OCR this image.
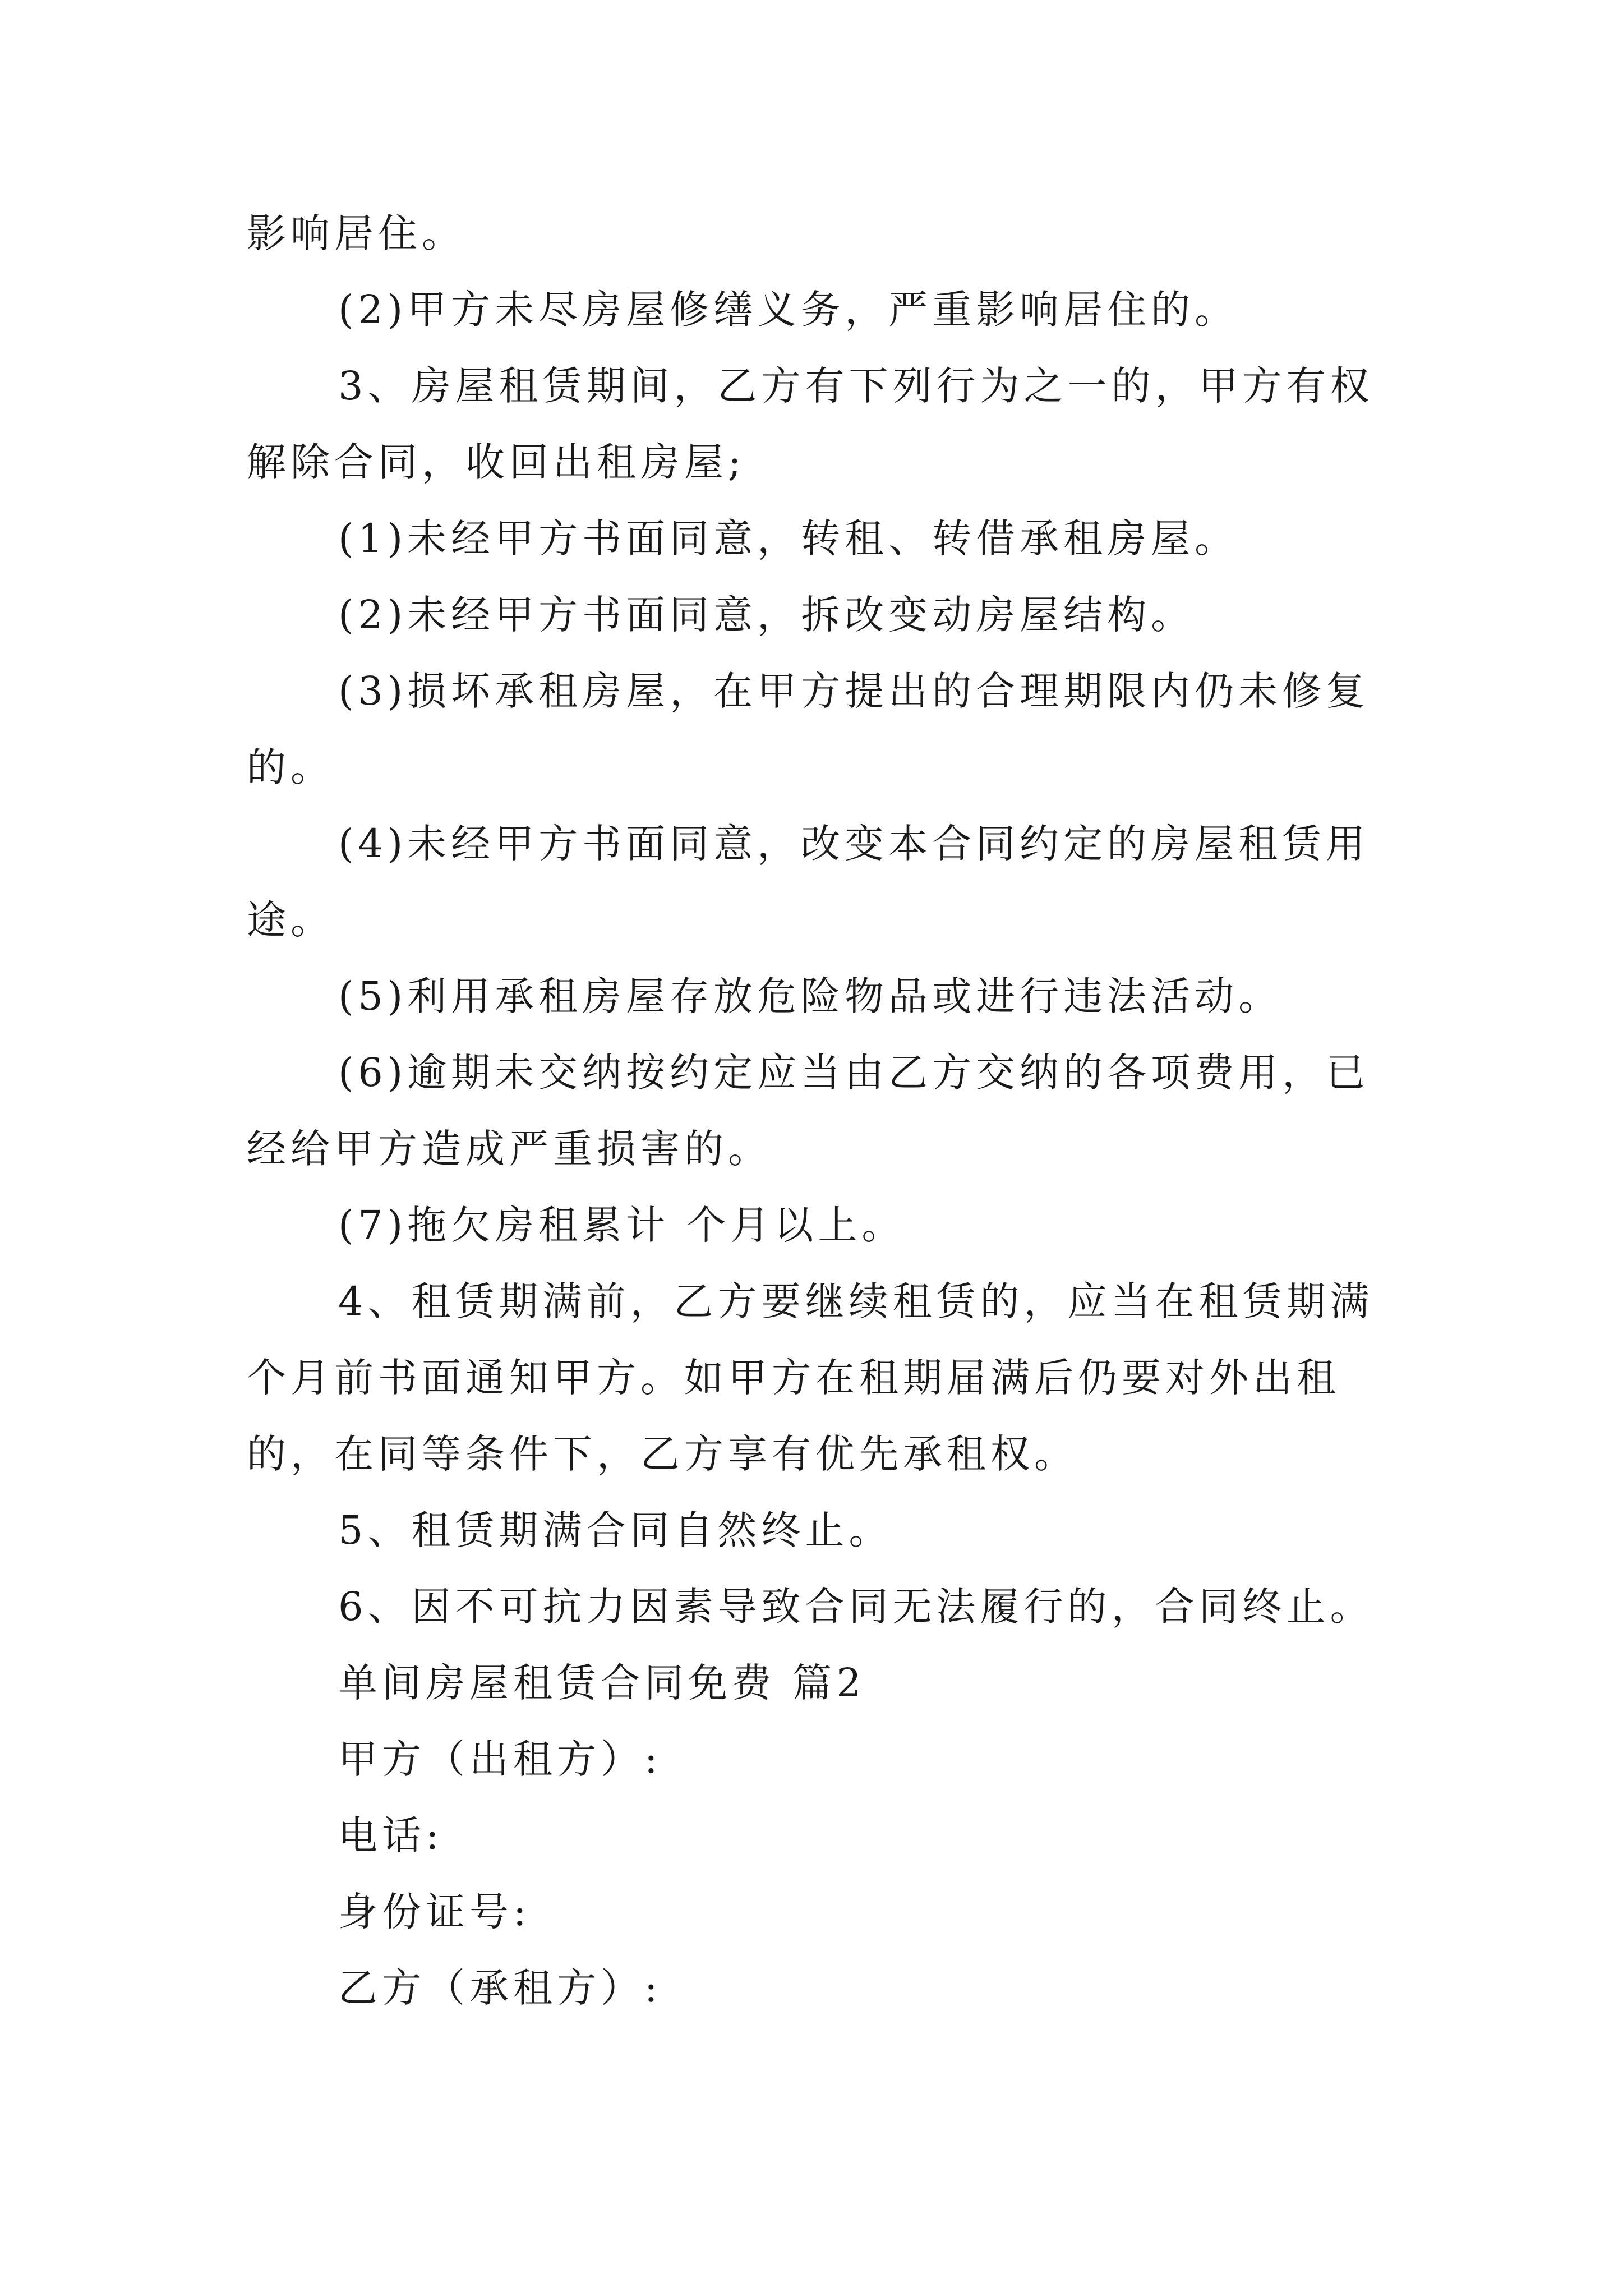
影响居住。

(2)甲方未尽房屋修缮义务，严重影响居住的。

3、房屋租赁期间，乙方有下列行为之一的，甲方有权解除合同，收回出租房屋;

(1)未经甲方书面同意，转租、转借承租房屋。

(2)未经甲方书面同意，拆改变动房屋结构。

(3)损坏承租房屋，在甲方提出的合理期限内仍未修复的。

(4)未经甲方书面同意，改变本合同约定的房屋租赁用途。

(5)利用承租房屋存放危险物品或进行违法活动。

(6)逾期未交纳按约定应当由乙方交纳的各项费用，已经给甲方造成严重损害的。

(7)拖欠房租累计 个月以上。

4、租赁期满前，乙方要继续租赁的，应当在租赁期满个月前书面通知甲方。如甲方在租期届满后仍要对外出租的，在同等条件下，乙方享有优先承租权。

5、租赁期满合同自然终止。

6、因不可抗力因素导致合同无法履行的，合同终止。

单间房屋租赁合同免费 篇2

甲方（出租方）:

电话:

身份证号:

乙方（承租方）:
